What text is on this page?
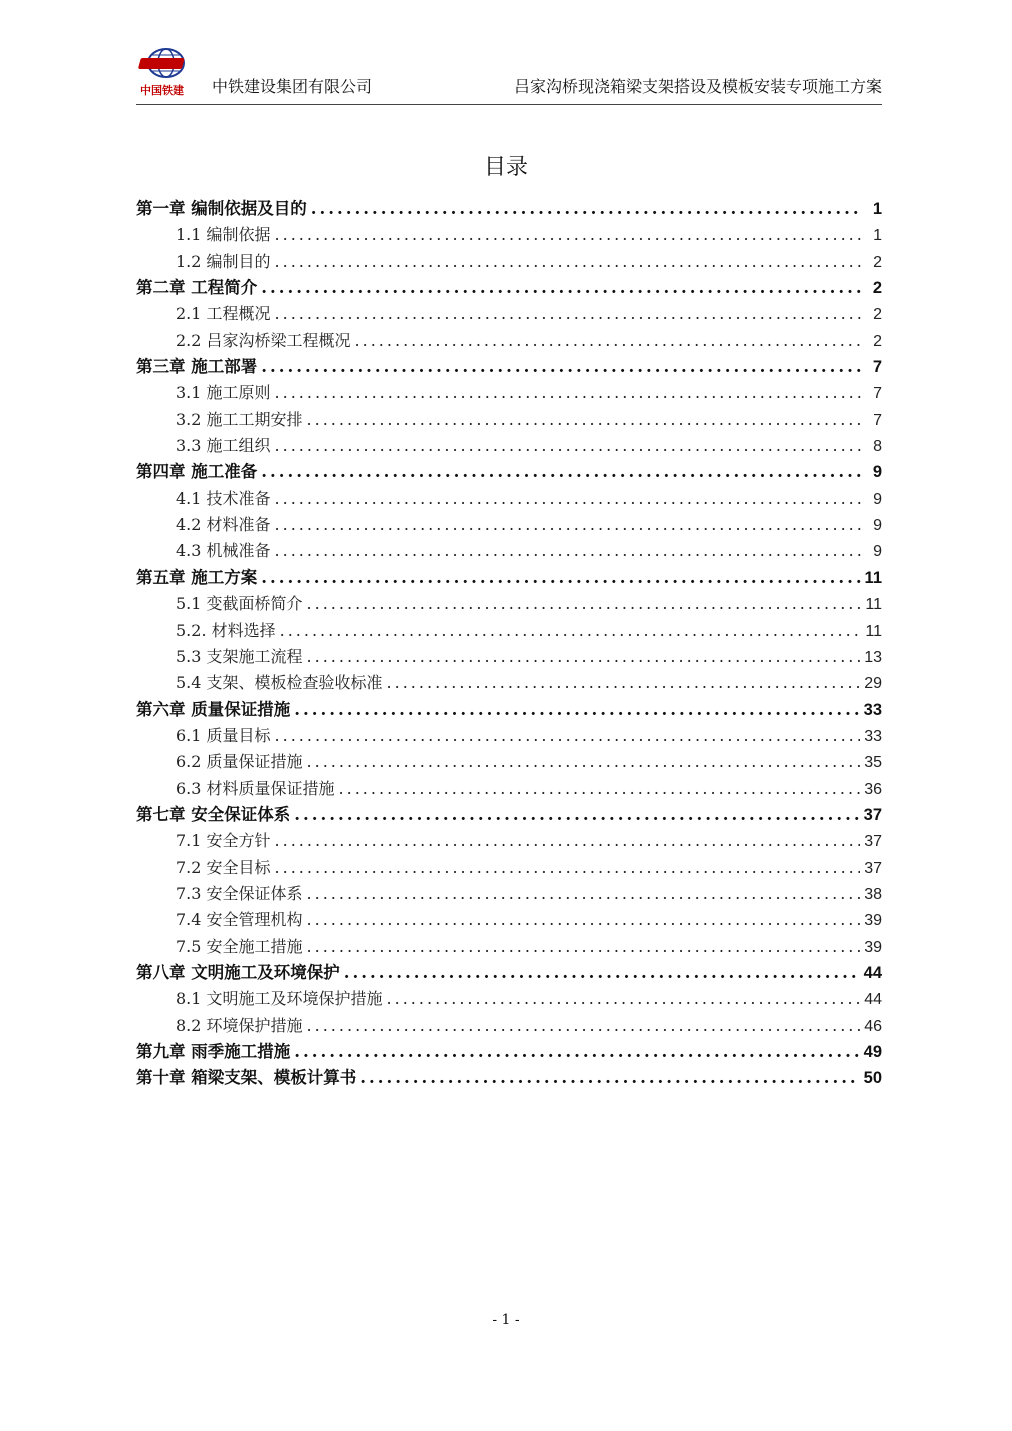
中国铁建 中铁建设集团有限公司	吕家沟桥现浇箱梁支架搭设及模板安装专项施工方案
目录
第一章 编制依据及目的 .....	1
1.1 编制依据 .....	1
1.2 编制目的 .....	2
第二章 工程简介 .....	2
2.1 工程概况 .....	2
2.2 吕家沟桥梁工程概况 .....	2
第三章 施工部署 .....	7
3.1 施工原则 .....	7
3.2 施工工期安排 .....	7
3.3 施工组织 .....	8
第四章 施工准备 .....	9
4.1 技术准备 .....	9
4.2 材料准备 .....	9
4.3 机械准备 .....	9
第五章 施工方案 .....	11
5.1 变截面桥简介 .....	11
5.2. 材料选择 .....	11
5.3 支架施工流程 .....	13
5.4 支架、模板检查验收标准 .....	29
第六章 质量保证措施 .....	33
6.1 质量目标 .....	33
6.2 质量保证措施 .....	35
6.3 材料质量保证措施 .....	36
第七章 安全保证体系 .....	37
7.1 安全方针 .....	37
7.2 安全目标 .....	37
7.3 安全保证体系 .....	38
7.4 安全管理机构 .....	39
7.5 安全施工措施 .....	39
第八章 文明施工及环境保护 .....	44
8.1 文明施工及环境保护措施 .....	44
8.2 环境保护措施 .....	46
第九章 雨季施工措施 .....	49
第十章 箱梁支架、模板计算书 .....	50
- 1 -
